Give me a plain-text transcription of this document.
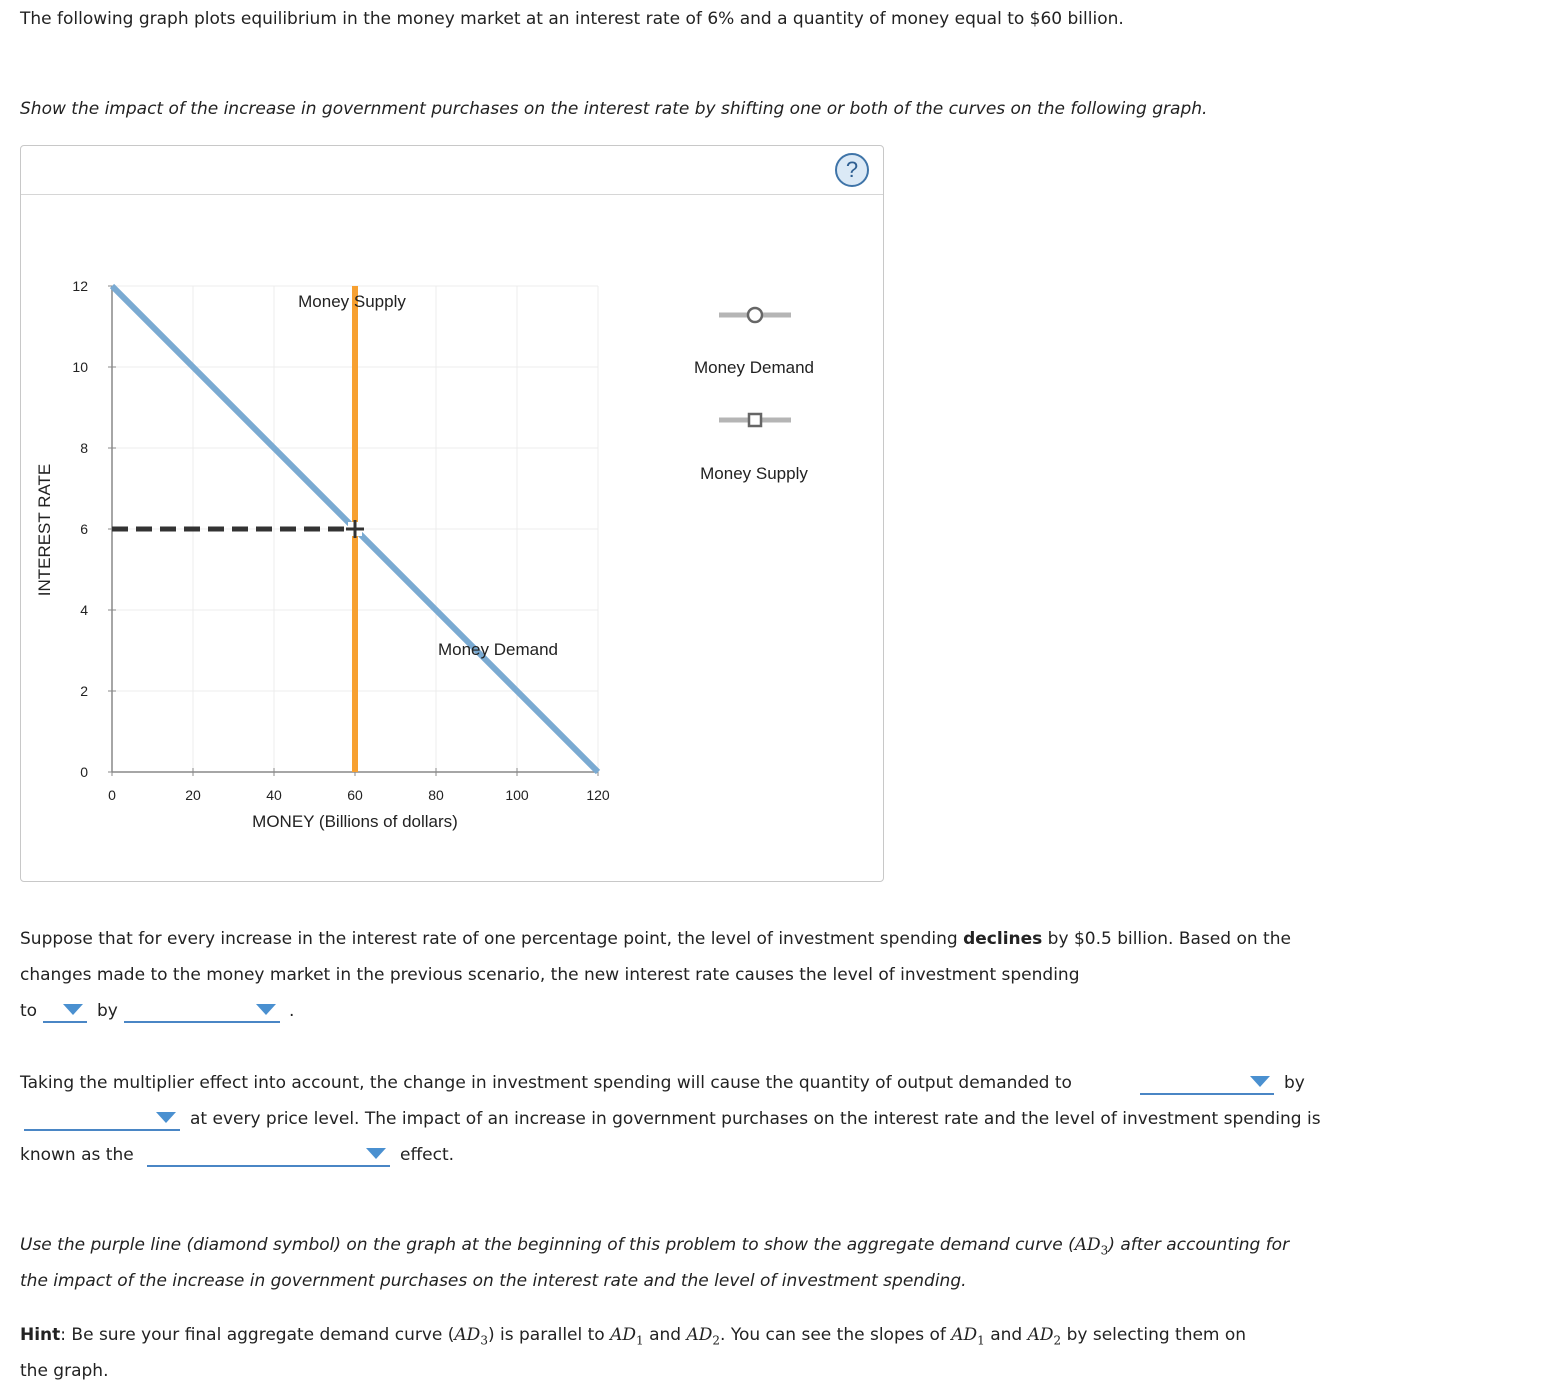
The following graph plots equilibrium in the money market at an interest rate of 6% and a quantity of money equal to $60 billion.
Show the impact of the increase in government purchases on the interest rate by shifting one or both of the curves on the following graph.
?
0	20	40	60	80	100	120
0
2
4
6
8
10
12
MONEY (Billions of dollars)
INTEREST RATE
Money Supply
Money Demand
Money Demand
Money Supply
Suppose that for every increase in the interest rate of one percentage point, the level of investment spending declines by $0.5 billion. Based on the
changes made to the money market in the previous scenario, the new interest rate causes the level of investment spending
to	by	.
Taking the multiplier effect into account, the change in investment spending will cause the quantity of output demanded to	by
at every price level. The impact of an increase in government purchases on the interest rate and the level of investment spending is
known as the	effect.
Use the purple line (diamond symbol) on the graph at the beginning of this problem to show the aggregate demand curve $(AD_3)$ after accounting for
the impact of the increase in government purchases on the interest rate and the level of investment spending.
Hint: Be sure your final aggregate demand curve $(AD_3)$ is parallel to $AD_1$ and $AD_2$. You can see the slopes of $AD_1$ and $AD_2$ by selecting them on
the graph.
